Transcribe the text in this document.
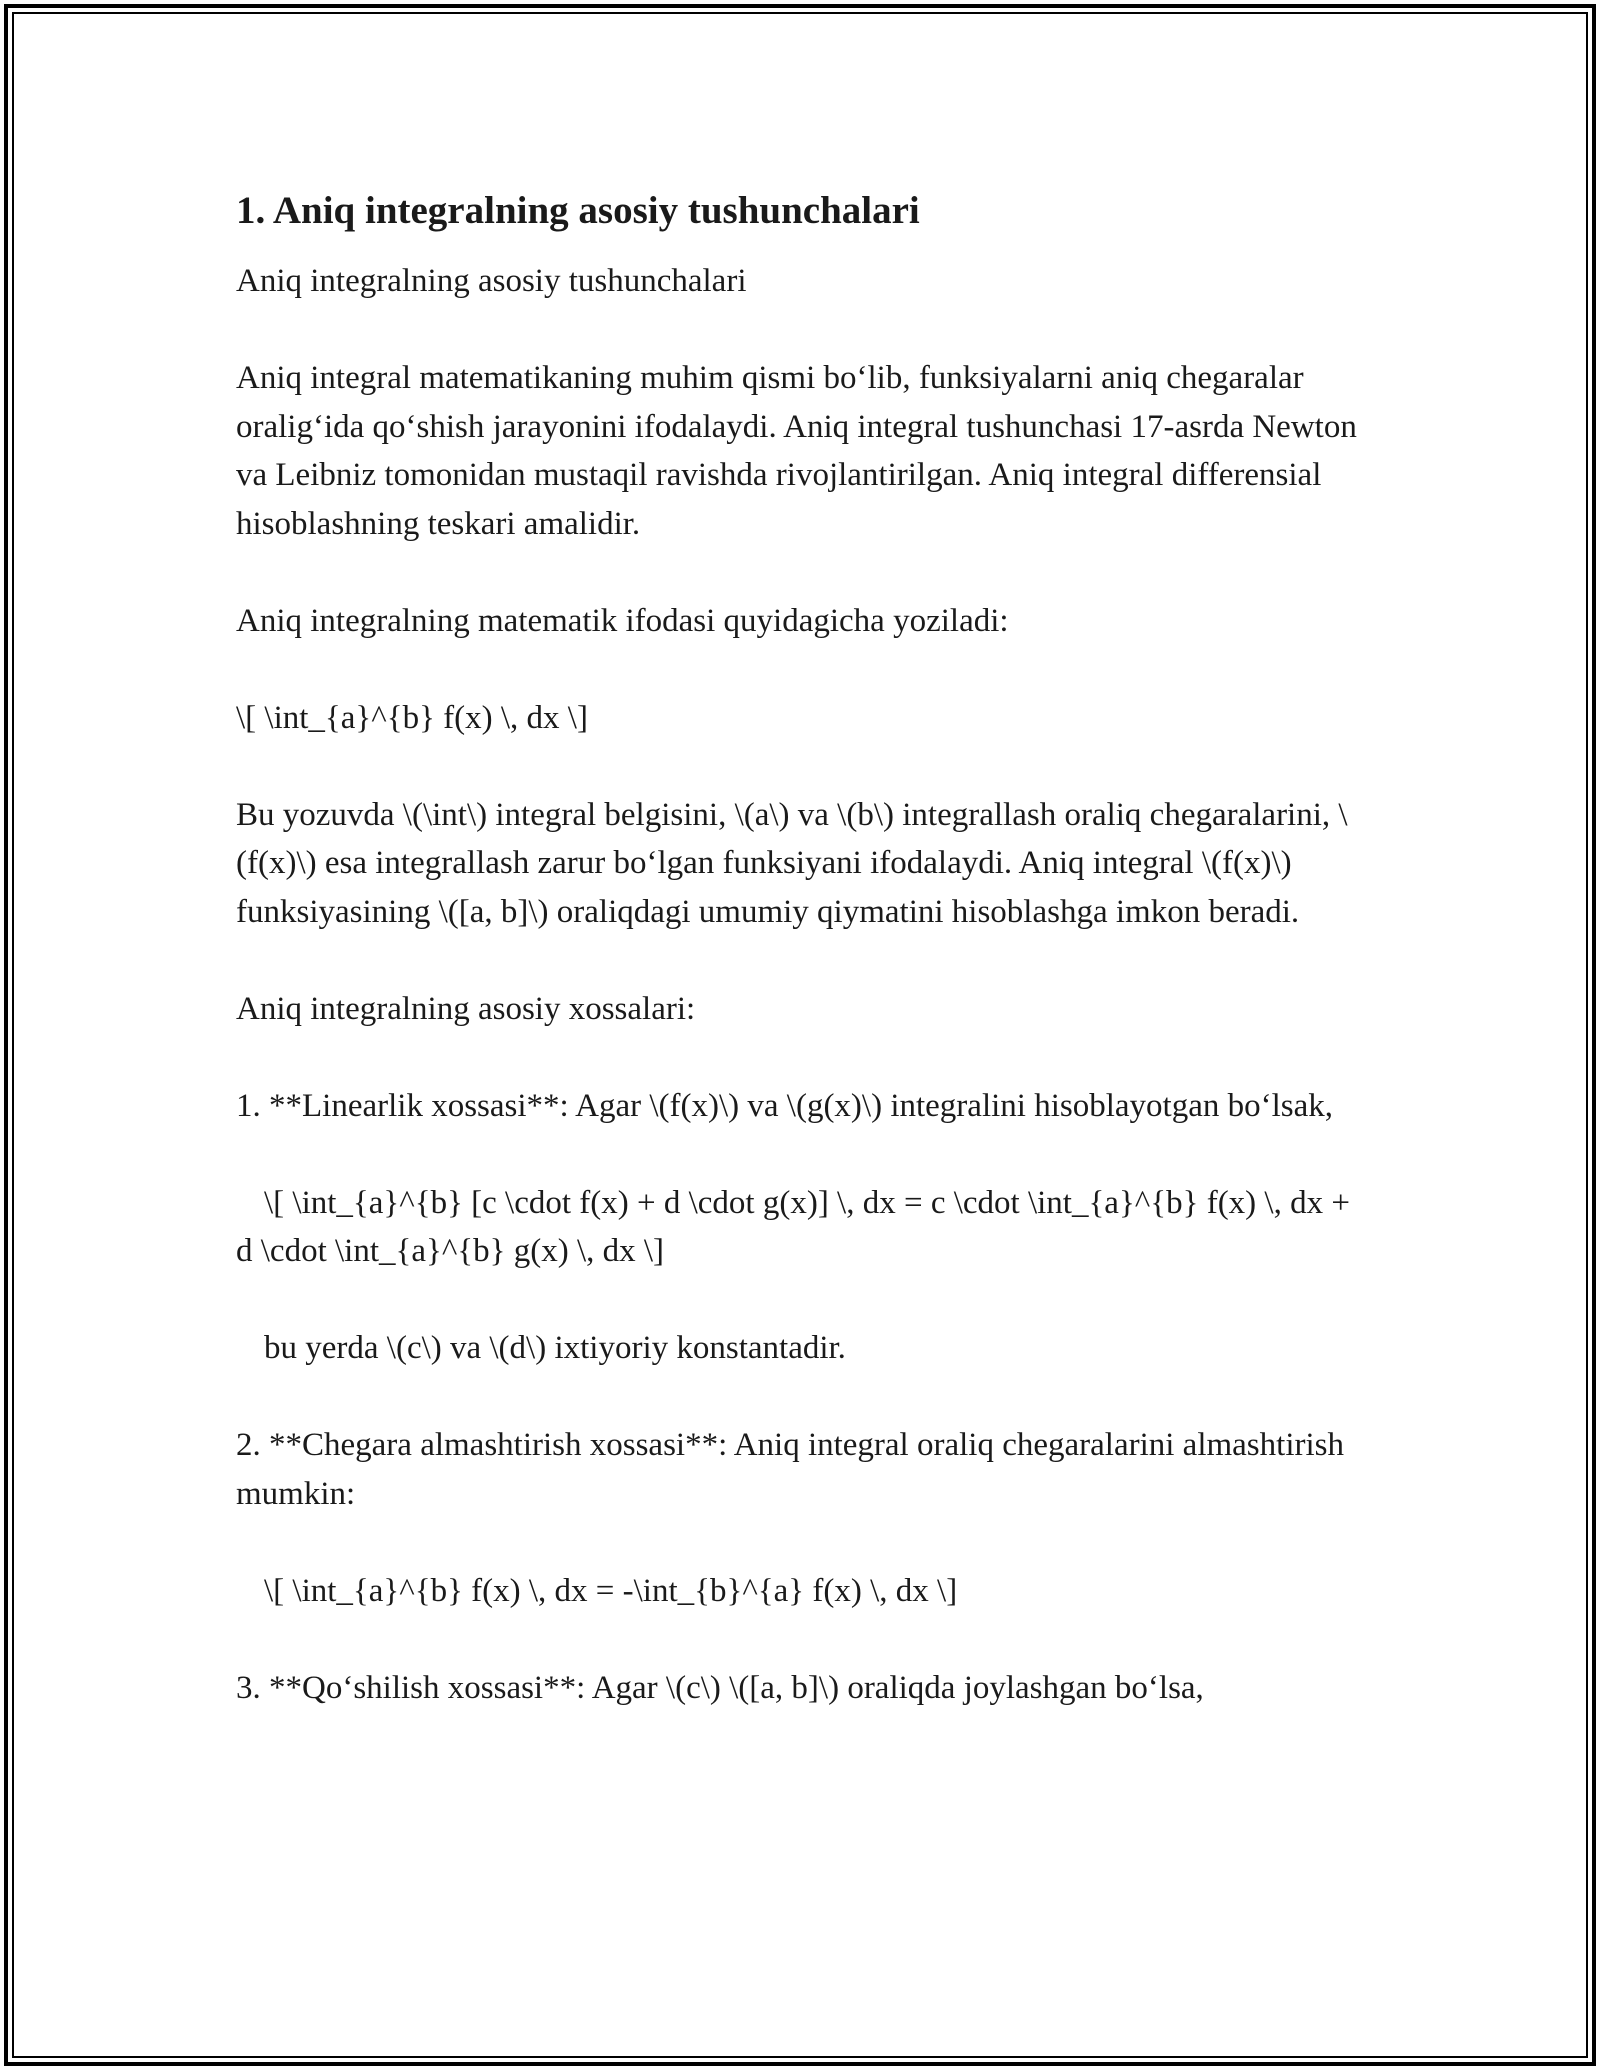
1. Aniq integralning asosiy tushunchalari

Aniq integralning asosiy tushunchalari

Aniq integral matematikaning muhim qismi bo‘lib, funksiyalarni aniq chegaralar oralig‘ida qo‘shish jarayonini ifodalaydi. Aniq integral tushunchasi 17-asrda Newton va Leibniz tomonidan mustaqil ravishda rivojlantirilgan. Aniq integral differensial hisoblashning teskari amalidir.

Aniq integralning matematik ifodasi quyidagicha yoziladi:

\[ \int_{a}^{b} f(x) \, dx \]

Bu yozuvda \(\int\) integral belgisini, \(a\) va \(b\) integrallash oraliq chegaralarini, \(f(x)\) esa integrallash zarur bo‘lgan funksiyani ifodalaydi. Aniq integral \(f(x)\) funksiyasining \([a, b]\) oraliqdagi umumiy qiymatini hisoblashga imkon beradi.

Aniq integralning asosiy xossalari:

1. **Linearlik xossasi**: Agar \(f(x)\) va \(g(x)\) integralini hisoblayotgan bo‘lsak,

\[ \int_{a}^{b} [c \cdot f(x) + d \cdot g(x)] \, dx = c \cdot \int_{a}^{b} f(x) \, dx + d \cdot \int_{a}^{b} g(x) \, dx \]

bu yerda \(c\) va \(d\) ixtiyoriy konstantadir.

2. **Chegara almashtirish xossasi**: Aniq integral oraliq chegaralarini almashtirish mumkin:

\[ \int_{a}^{b} f(x) \, dx = -\int_{b}^{a} f(x) \, dx \]

3. **Qo‘shilish xossasi**: Agar \(c\) \([a, b]\) oraliqda joylashgan bo‘lsa,
